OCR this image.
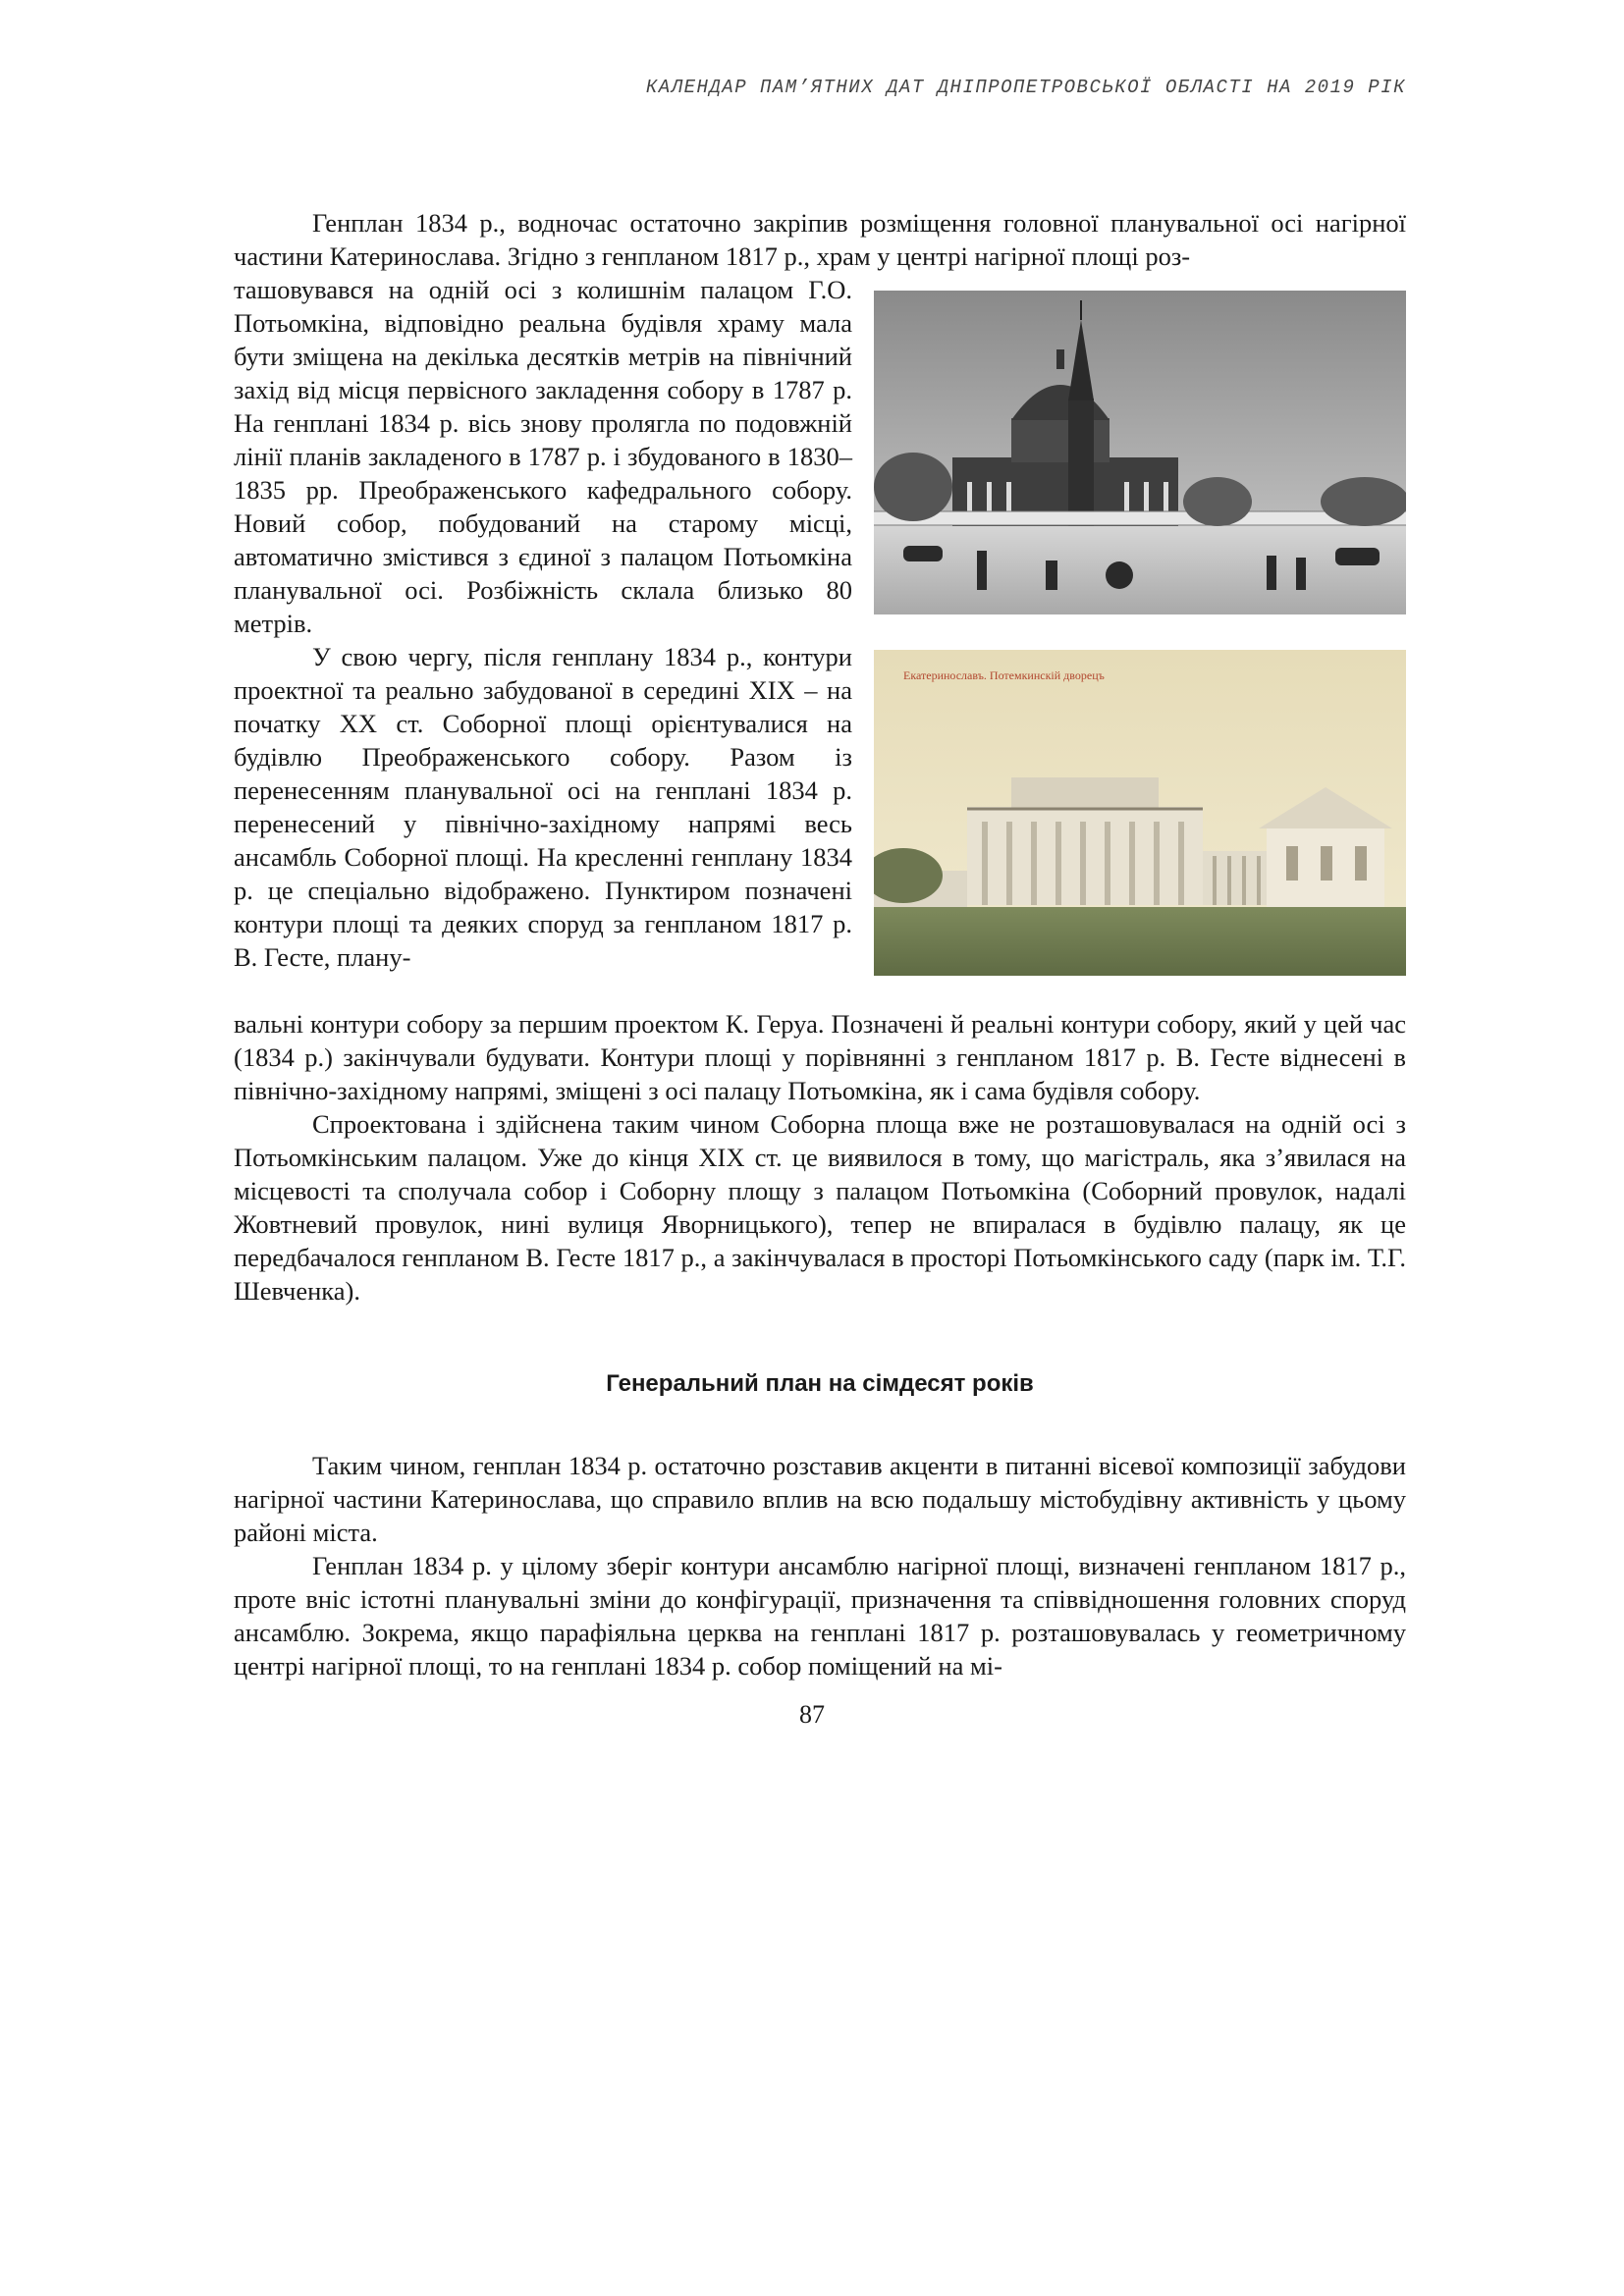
КАЛЕНДАР ПАМ’ЯТНИХ ДАТ ДНІПРОПЕТРОВСЬКОЇ ОБЛАСТІ НА 2019 РІК

Генплан 1834 р., водночас остаточно закріпив розміщення головної планувальної осі нагірної частини Катеринослава. Згідно з генпланом 1817 р., храм у центрі нагірної площі роз-

ташовувався на одній осі з колишнім палацом Г.О. Потьомкіна, відповідно реальна будівля храму мала бути зміщена на декілька десятків метрів на північний захід від місця первісного закладення собору в 1787 р. На генплані 1834 р. вісь знову пролягла по подовжній лінії планів закладеного в 1787 р. і збудованого в 1830–1835 рр. Преображенського кафедрального собору. Новий собор, побудований на старому місці, автоматично змістився з єдиної з палацом Потьомкіна планувальної осі. Розбіжність склала близько 80 метрів.

У свою чергу, після генплану 1834 р., контури проектної та реально забудованої в середині XIX – на початку XX ст. Соборної площі орієнтувалися на будівлю Преображенського собору. Разом із перенесенням планувальної осі на генплані 1834 р. перенесений у північно-західному напрямі весь ансамбль Соборної площі. На кресленні генплану 1834 р. це спеціально відображено. Пунктиром позначені контури площі та деяких споруд за генпланом 1817 р. В. Гесте, плану-

вальні контури собору за першим проектом К. Геруа. Позначені й реальні контури собору, який у цей час (1834 р.) закінчували будувати. Контури площі у порівнянні з генпланом 1817 р. В. Гесте віднесені в північно-західному напрямі, зміщені з осі палацу Потьомкіна, як і сама будівля собору.

Спроектована і здійснена таким чином Соборна площа вже не розташовувалася на одній осі з Потьомкінським палацом. Уже до кінця XIX ст. це виявилося в тому, що магістраль, яка з’явилася на місцевості та сполучала собор і Соборну площу з палацом Потьомкіна (Соборний провулок, надалі Жовтневий провулок, нині вулиця Яворницького), тепер не впиралася в будівлю палацу, як це передбачалося генпланом В. Гесте 1817 р., а закінчувалася в просторі Потьомкінського саду (парк ім. Т.Г. Шевченка).

Генеральний план на сімдесят років

Таким чином, генплан 1834 р. остаточно розставив акценти в питанні вісевої композиції забудови нагірної частини Катеринослава, що справило вплив на всю подальшу містобудівну активність у цьому районі міста.

Генплан 1834 р. у цілому зберіг контури ансамблю нагірної площі, визначені генпланом 1817 р., проте вніс істотні планувальні зміни до конфігурації, призначення та співвідношення головних споруд ансамблю. Зокрема, якщо парафіяльна церква на генплані 1817 р. розташовувалась у геометричному центрі нагірної площі, то на генплані 1834 р. собор поміщений на мі-

Екатеринославъ. Потемкинскій дворецъ
87
